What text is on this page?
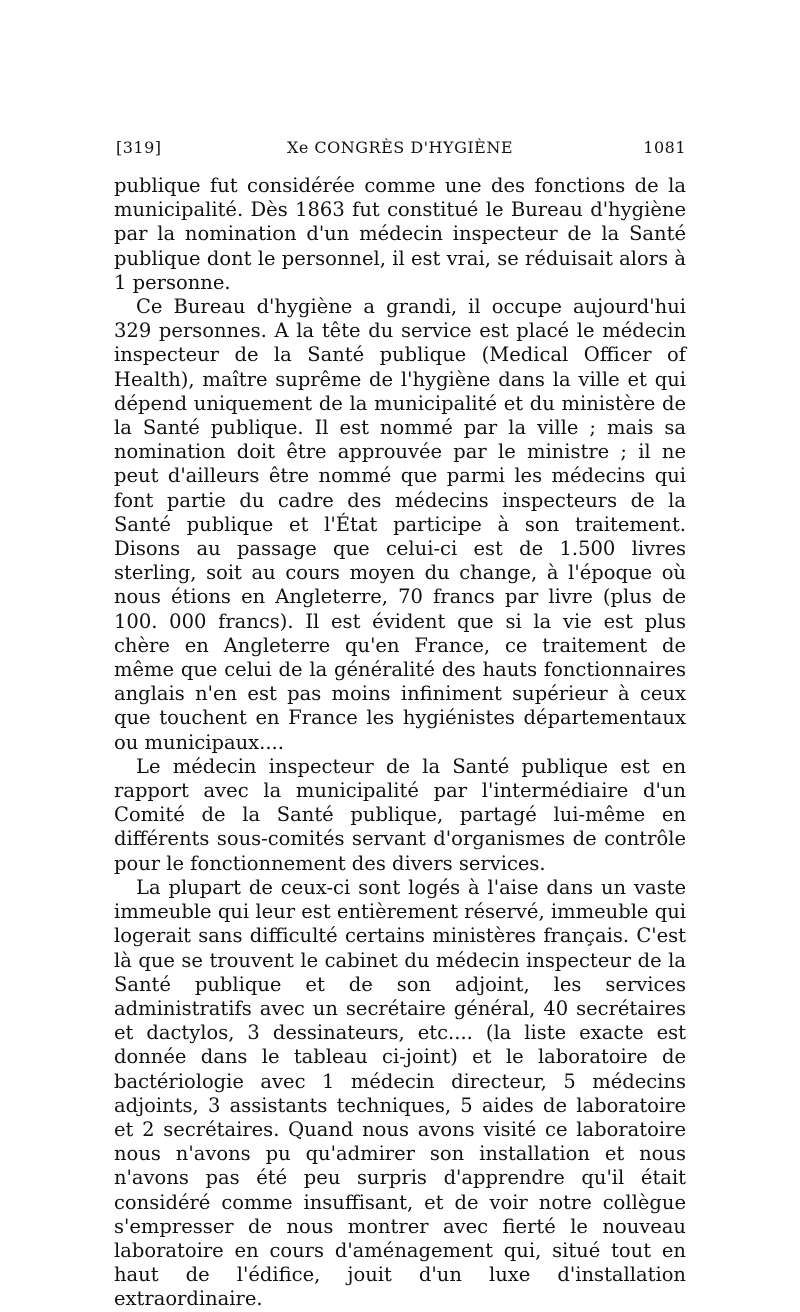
[319]	Xe CONGRÈS D'HYGIÈNE	1081

publique fut considérée comme une des fonctions de la municipalité. Dès 1863 fut constitué le Bureau d'hygiène par la nomination d'un médecin inspecteur de la Santé publique dont le personnel, il est vrai, se réduisait alors à 1 personne.

Ce Bureau d'hygiène a grandi, il occupe aujourd'hui 329 personnes. A la tête du service est placé le médecin inspecteur de la Santé publique (Medical Officer of Health), maître suprême de l'hygiène dans la ville et qui dépend uniquement de la municipalité et du ministère de la Santé publique. Il est nommé par la ville ; mais sa nomination doit être approuvée par le ministre ; il ne peut d'ailleurs être nommé que parmi les médecins qui font partie du cadre des médecins inspecteurs de la Santé publique et l'État participe à son traitement. Disons au passage que celui-ci est de 1.500 livres sterling, soit au cours moyen du change, à l'époque où nous étions en Angleterre, 70 francs par livre (plus de 100. 000 francs). Il est évident que si la vie est plus chère en Angleterre qu'en France, ce traitement de même que celui de la généralité des hauts fonctionnaires anglais n'en est pas moins infiniment supérieur à ceux que touchent en France les hygiénistes départementaux ou municipaux....

Le médecin inspecteur de la Santé publique est en rapport avec la municipalité par l'intermédiaire d'un Comité de la Santé publique, partagé lui-même en différents sous-comités servant d'organismes de contrôle pour le fonctionnement des divers services.

La plupart de ceux-ci sont logés à l'aise dans un vaste immeuble qui leur est entièrement réservé, immeuble qui logerait sans difficulté certains ministères français. C'est là que se trouvent le cabinet du médecin inspecteur de la Santé publique et de son adjoint, les services administratifs avec un secrétaire général, 40 secrétaires et dactylos, 3 dessinateurs, etc.... (la liste exacte est donnée dans le tableau ci-joint) et le laboratoire de bactériologie avec 1 médecin directeur, 5 médecins adjoints, 3 assistants techniques, 5 aides de laboratoire et 2 secrétaires. Quand nous avons visité ce laboratoire nous n'avons pu qu'admirer son installation et nous n'avons pas été peu surpris d'apprendre qu'il était considéré comme insuffisant, et de voir notre collègue s'empresser de nous montrer avec fierté le nouveau laboratoire en cours d'aménagement qui, situé tout en haut de l'édifice, jouit d'un luxe d'installation extraordinaire.
